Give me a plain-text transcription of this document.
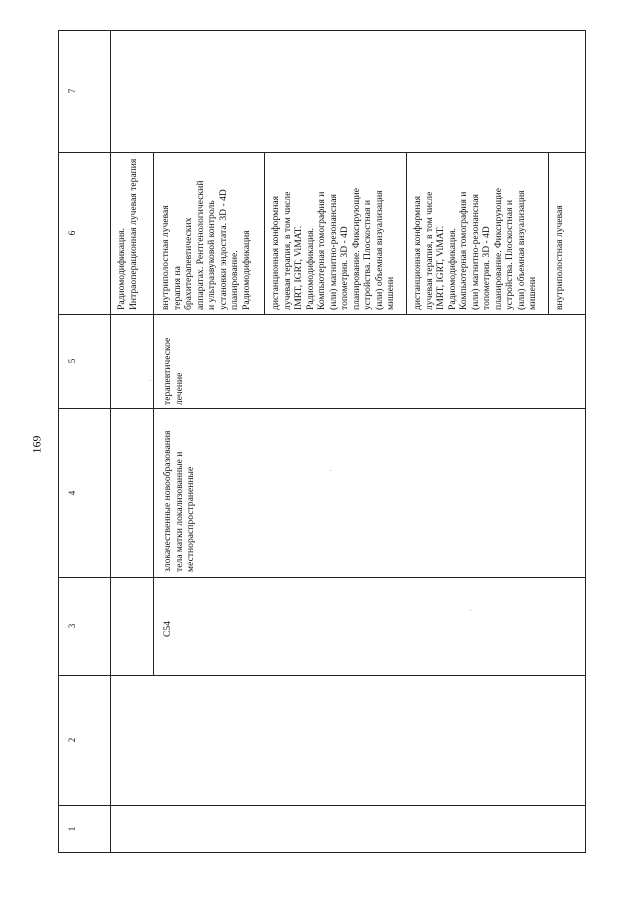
169
1
2
3
4
5
6
7
C54
злокачественные новообразования тела матки локализованные и местнораспространенные
терапевтическое лечение
Радиомодификация.
Интраоперационная лучевая терапия
внутриполостная лучевая
терапия на
брахитерапевтических
аппаратах. Рентгенологический
и ультразвуковой контроль
установки эндостата. 3D - 4D
планирование.
Радиомодификация дистанционная конформная
лучевая терапия, в том числе
IMRT, IGRT, ViMAT.
Радиомодификация.
Компьютерная томография и
(или) магнитно-резонансная
топометрия. 3D - 4D
планирование. Фиксирующие
устройства. Плоскостная и
(или) объемная визуализация
мишени дистанционная конформная
лучевая терапия, в том числе
IMRT, IGRT, ViMAT.
Радиомодификация.
Компьютерная томография и
(или) магнитно-резонансная
топометрия. 3D - 4D
планирование. Фиксирующие
устройства. Плоскостная и
(или) объемная визуализация
мишени внутриполостная лучевая
